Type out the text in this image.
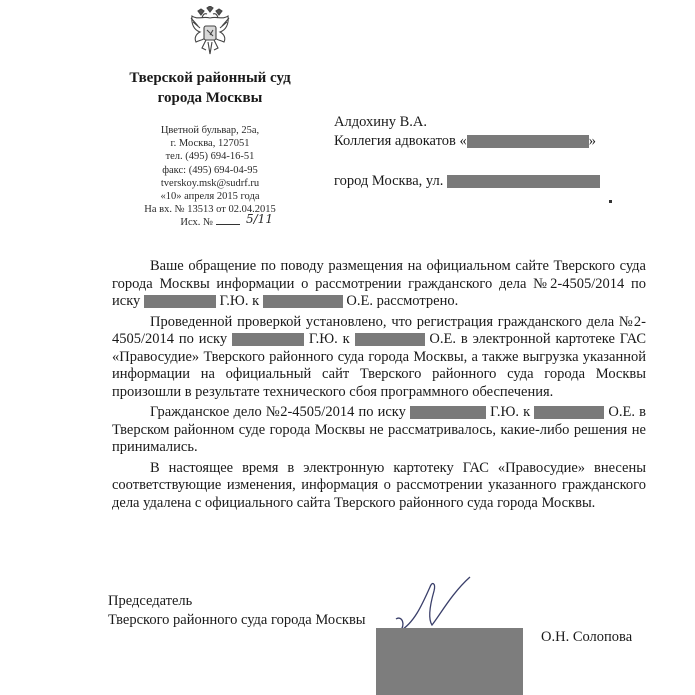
Тверской районный суд
города Москвы
Цветной бульвар, 25а,
г. Москва, 127051
тел. (495) 694-16-51
факс: (495) 694-04-95
tverskoy.msk@sudrf.ru
«10» апреля 2015 года
На вх. № 13513 от 02.04.2015
Исх. №	5/11
Алдохину В.А.
Коллегия адвокатов «	»
город Москва, ул.

Ваше обращение по поводу размещения на официальном сайте Тверского суда города Москвы информации о рассмотрении гражданского дела №2-4505/2014 по иску	Г.Ю. к	О.Е. рассмотрено.

Проведенной проверкой установлено, что регистрация гражданского дела №2-4505/2014 по иску	Г.Ю. к	О.Е. в электронной картотеке ГАС «Правосудие» Тверского районного суда города Москвы, а также выгрузка указанной информации на официальный сайт Тверского районного суда города Москвы произошли в результате технического сбоя программного обеспечения.

Гражданское дело №2-4505/2014 по иску	Г.Ю. к	О.Е. в Тверском районном суде города Москвы не рассматривалось, какие-либо решения не принимались.

В настоящее время в электронную картотеку ГАС «Правосудие» внесены соответствующие изменения, информация о рассмотрении указанного гражданского дела удалена с официального сайта Тверского районного суда города Москвы.

Председатель
Тверского районного суда города Москвы
О.Н. Солопова
